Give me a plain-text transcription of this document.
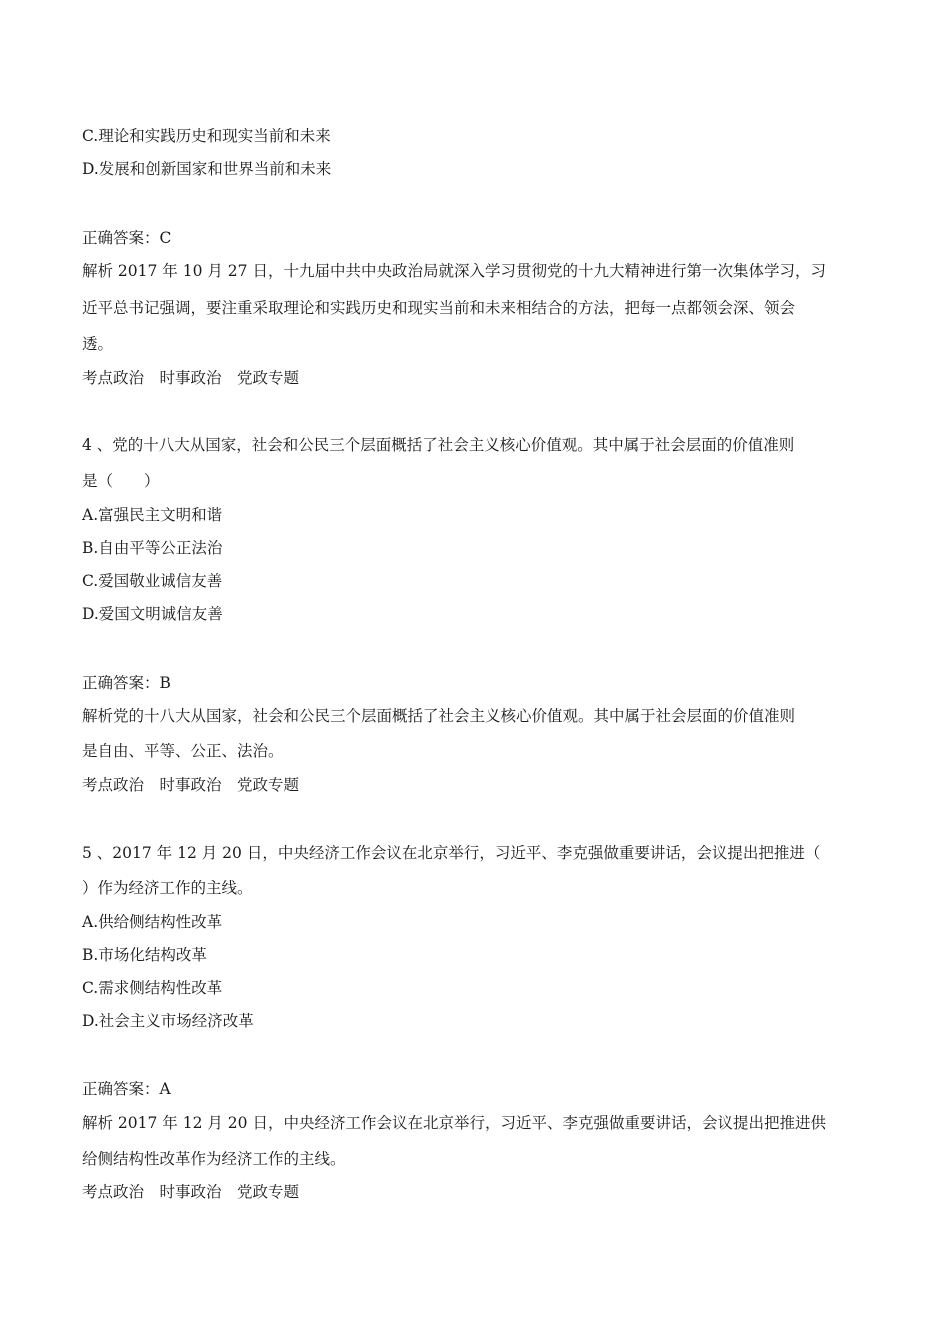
C.理论和实践历史和现实当前和未来
D.发展和创新国家和世界当前和未来
正确答案：C
解析 2017 年 10 月 27 日，十九届中共中央政治局就深入学习贯彻党的十九大精神进行第一次集体学习，习
近平总书记强调，要注重采取理论和实践历史和现实当前和未来相结合的方法，把每一点都领会深、领会
透。
考点政治　时事政治　党政专题
4 、党的十八大从国家，社会和公民三个层面概括了社会主义核心价值观。其中属于社会层面的价值准则
是（　　）
A.富强民主文明和谐
B.自由平等公正法治
C.爱国敬业诚信友善
D.爱国文明诚信友善
正确答案：B
解析党的十八大从国家，社会和公民三个层面概括了社会主义核心价值观。其中属于社会层面的价值准则
是自由、平等、公正、法治。
考点政治　时事政治　党政专题
5 、2017 年 12 月 20 日，中央经济工作会议在北京举行，习近平、李克强做重要讲话，会议提出把推进（
）作为经济工作的主线。
A.供给侧结构性改革
B.市场化结构改革
C.需求侧结构性改革
D.社会主义市场经济改革
正确答案：A
解析 2017 年 12 月 20 日，中央经济工作会议在北京举行，习近平、李克强做重要讲话，会议提出把推进供
给侧结构性改革作为经济工作的主线。
考点政治　时事政治　党政专题
